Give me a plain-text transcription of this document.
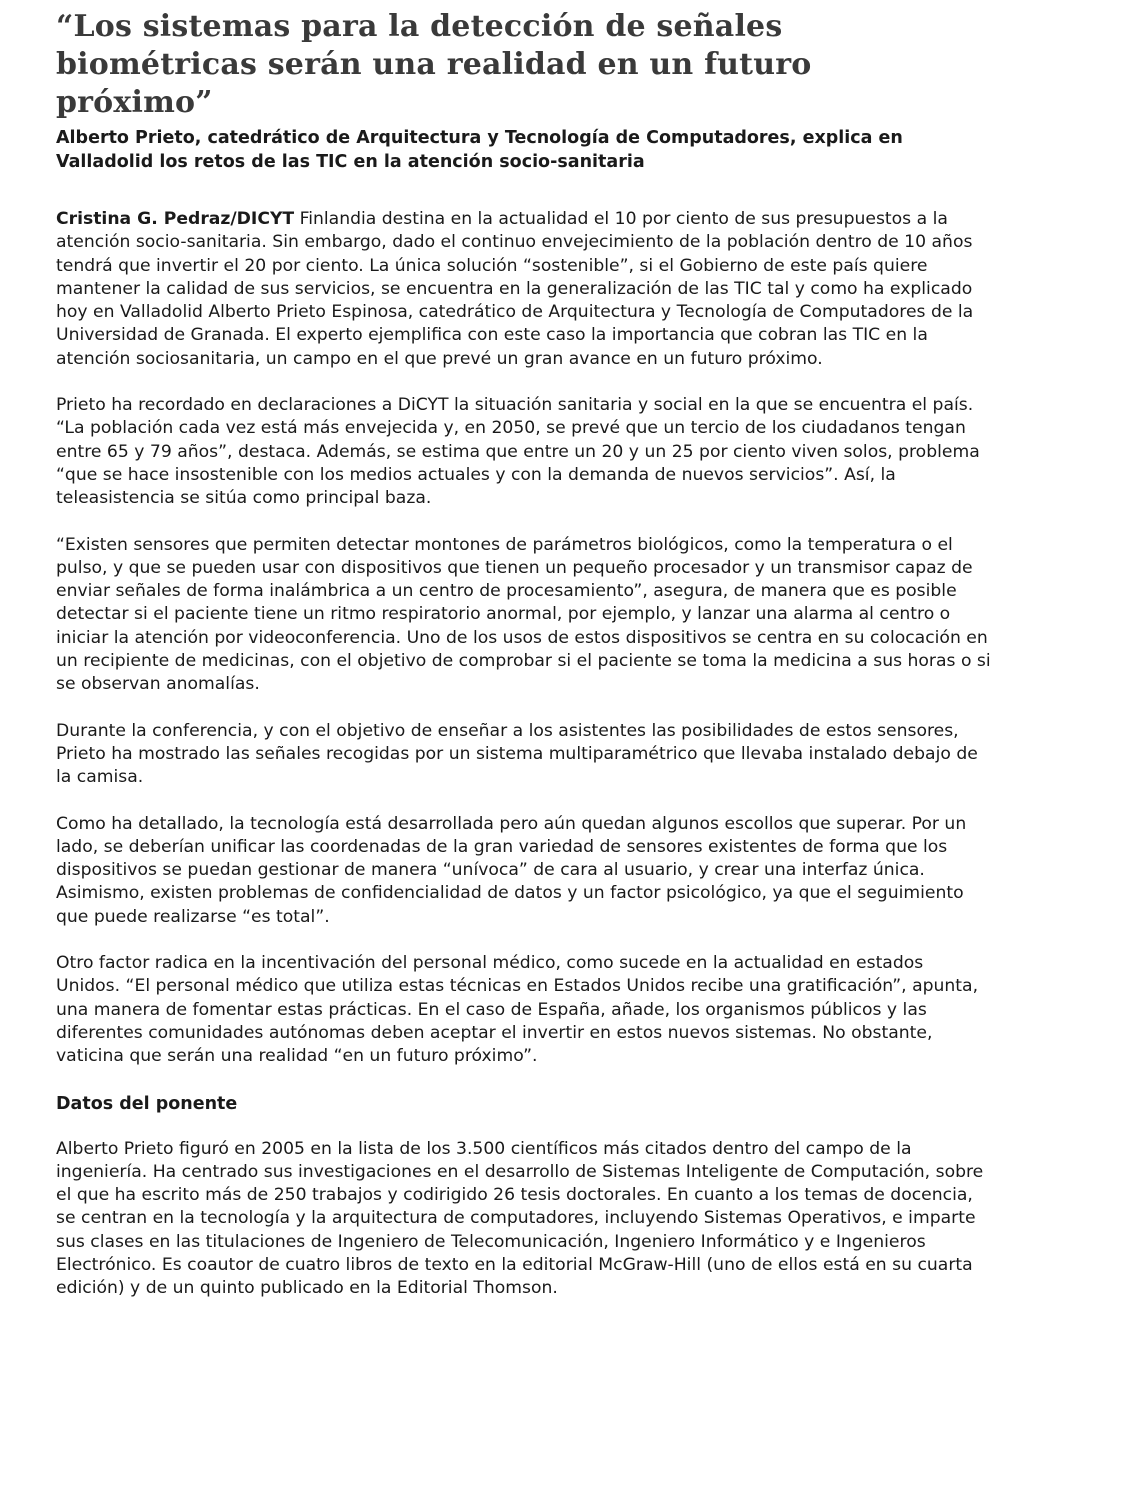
“Los sistemas para la detección de señales biométricas serán una realidad en un futuro próximo”
Alberto Prieto, catedrático de Arquitectura y Tecnología de Computadores, explica en Valladolid los retos de las TIC en la atención socio-sanitaria

Cristina G. Pedraz/DICYT Finlandia destina en la actualidad el 10 por ciento de sus presupuestos a la atención socio-sanitaria. Sin embargo, dado el continuo envejecimiento de la población dentro de 10 años tendrá que invertir el 20 por ciento. La única solución “sostenible”, si el Gobierno de este país quiere mantener la calidad de sus servicios, se encuentra en la generalización de las TIC tal y como ha explicado hoy en Valladolid Alberto Prieto Espinosa, catedrático de Arquitectura y Tecnología de Computadores de la Universidad de Granada. El experto ejemplifica con este caso la importancia que cobran las TIC en la atención sociosanitaria, un campo en el que prevé un gran avance en un futuro próximo.

Prieto ha recordado en declaraciones a DiCYT la situación sanitaria y social en la que se encuentra el país. “La población cada vez está más envejecida y, en 2050, se prevé que un tercio de los ciudadanos tengan entre 65 y 79 años”, destaca. Además, se estima que entre un 20 y un 25 por ciento viven solos, problema “que se hace insostenible con los medios actuales y con la demanda de nuevos servicios”. Así, la teleasistencia se sitúa como principal baza.

“Existen sensores que permiten detectar montones de parámetros biológicos, como la temperatura o el pulso, y que se pueden usar con dispositivos que tienen un pequeño procesador y un transmisor capaz de enviar señales de forma inalámbrica a un centro de procesamiento”, asegura, de manera que es posible detectar si el paciente tiene un ritmo respiratorio anormal, por ejemplo, y lanzar una alarma al centro o iniciar la atención por videoconferencia. Uno de los usos de estos dispositivos se centra en su colocación en un recipiente de medicinas, con el objetivo de comprobar si el paciente se toma la medicina a sus horas o si se observan anomalías.

Durante la conferencia, y con el objetivo de enseñar a los asistentes las posibilidades de estos sensores, Prieto ha mostrado las señales recogidas por un sistema multiparamétrico que llevaba instalado debajo de la camisa.

Como ha detallado, la tecnología está desarrollada pero aún quedan algunos escollos que superar. Por un lado, se deberían unificar las coordenadas de la gran variedad de sensores existentes de forma que los dispositivos se puedan gestionar de manera “unívoca” de cara al usuario, y crear una interfaz única. Asimismo, existen problemas de confidencialidad de datos y un factor psicológico, ya que el seguimiento que puede realizarse “es total”.

Otro factor radica en la incentivación del personal médico, como sucede en la actualidad en estados Unidos. “El personal médico que utiliza estas técnicas en Estados Unidos recibe una gratificación”, apunta, una manera de fomentar estas prácticas. En el caso de España, añade, los organismos públicos y las diferentes comunidades autónomas deben aceptar el invertir en estos nuevos sistemas. No obstante, vaticina que serán una realidad “en un futuro próximo”.

Datos del ponente

Alberto Prieto figuró en 2005 en la lista de los 3.500 científicos más citados dentro del campo de la ingeniería. Ha centrado sus investigaciones en el desarrollo de Sistemas Inteligente de Computación, sobre el que ha escrito más de 250 trabajos y codirigido 26 tesis doctorales. En cuanto a los temas de docencia, se centran en la tecnología y la arquitectura de computadores, incluyendo Sistemas Operativos, e imparte sus clases en las titulaciones de Ingeniero de Telecomunicación, Ingeniero Informático y e Ingenieros Electrónico. Es coautor de cuatro libros de texto en la editorial McGraw-Hill (uno de ellos está en su cuarta edición) y de un quinto publicado en la Editorial Thomson.
